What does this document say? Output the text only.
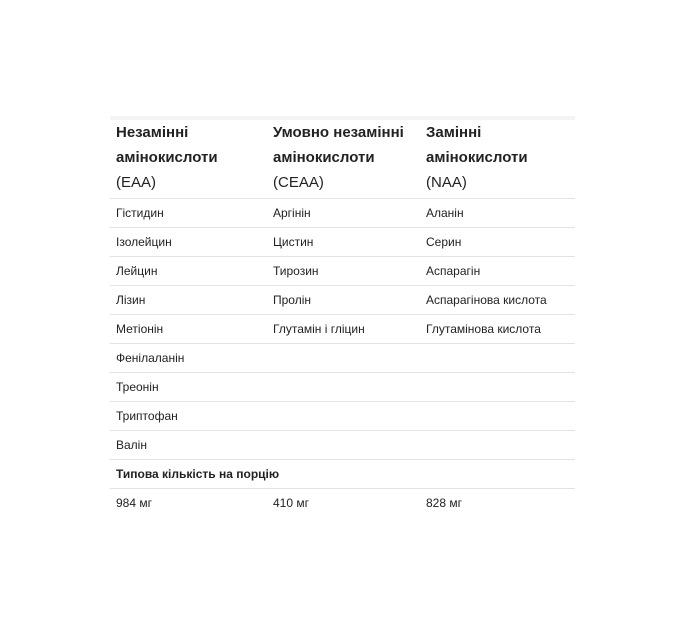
Незамінні амінокислоти (EAA)	Умовно незамінні амінокислоти (CEAA)	Замінні амінокислоти (NAA)
Гістидин	Аргінін	Аланін
Ізолейцин	Цистин	Серин
Лейцин	Тирозин	Аспарагін
Лізин	Пролін	Аспарагінова кислота
Метіонін	Глутамін і гліцин	Глутамінова кислота
Фенілаланін		
Треонін		
Триптофан		
Валін		
Типова кількість на порцію		
984 мг	410 мг	828 мг
